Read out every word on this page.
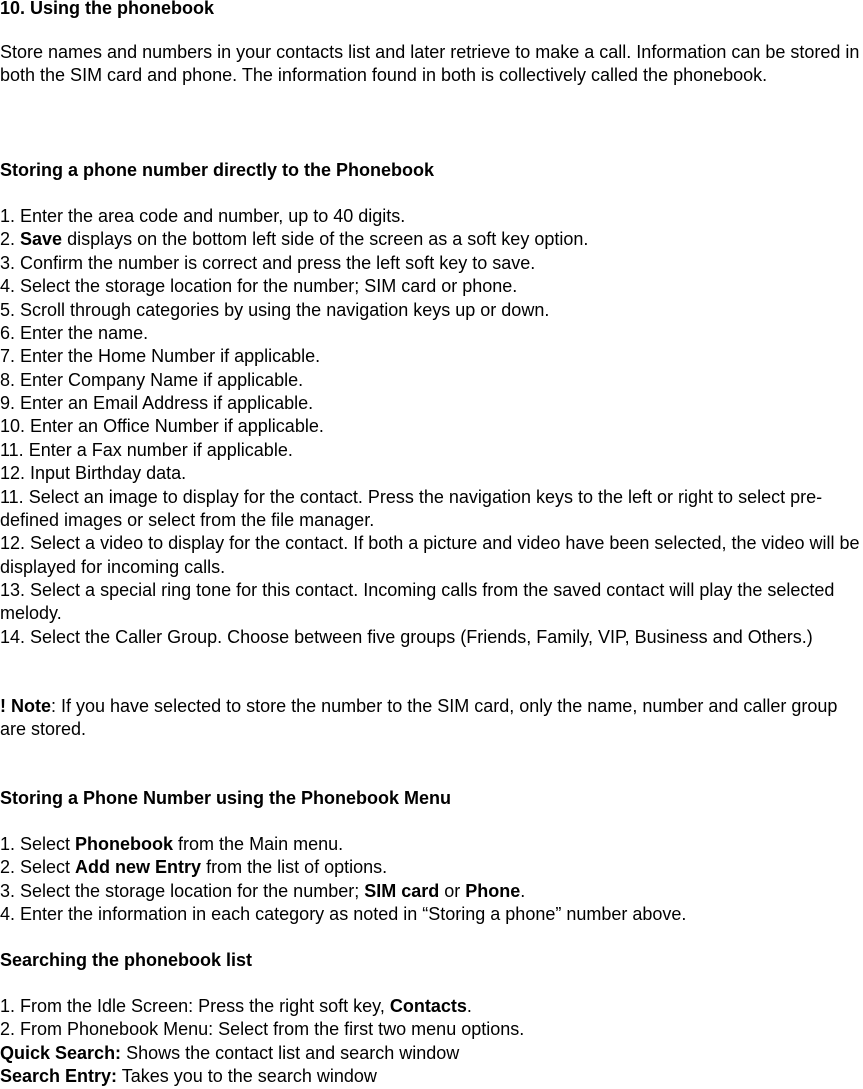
10. Using the phonebook

Store names and numbers in your contacts list and later retrieve to make a call. Information can be stored in both the SIM card and phone. The information found in both is collectively called the phonebook.

Storing a phone number directly to the Phonebook
1. Enter the area code and number, up to 40 digits.
2. Save displays on the bottom left side of the screen as a soft key option.
3. Confirm the number is correct and press the left soft key to save.
4. Select the storage location for the number; SIM card or phone.
5. Scroll through categories by using the navigation keys up or down.
6. Enter the name.
7. Enter the Home Number if applicable.
8. Enter Company Name if applicable.
9. Enter an Email Address if applicable.
10. Enter an Office Number if applicable.
11. Enter a Fax number if applicable.
12. Input Birthday data.
11. Select an image to display for the contact. Press the navigation keys to the left or right to select pre-defined images or select from the file manager.
12. Select a video to display for the contact. If both a picture and video have been selected, the video will be displayed for incoming calls.
13. Select a special ring tone for this contact. Incoming calls from the saved contact will play the selected melody.
14. Select the Caller Group. Choose between five groups (Friends, Family, VIP, Business and Others.)
! Note: If you have selected to store the number to the SIM card, only the name, number and caller group are stored.
Storing a Phone Number using the Phonebook Menu
1. Select Phonebook from the Main menu.
2. Select Add new Entry from the list of options.
3. Select the storage location for the number; SIM card or Phone.
4. Enter the information in each category as noted in “Storing a phone” number above.
Searching the phonebook list
1. From the Idle Screen: Press the right soft key, Contacts.
2. From Phonebook Menu: Select from the first two menu options.
Quick Search: Shows the contact list and search window
Search Entry: Takes you to the search window
